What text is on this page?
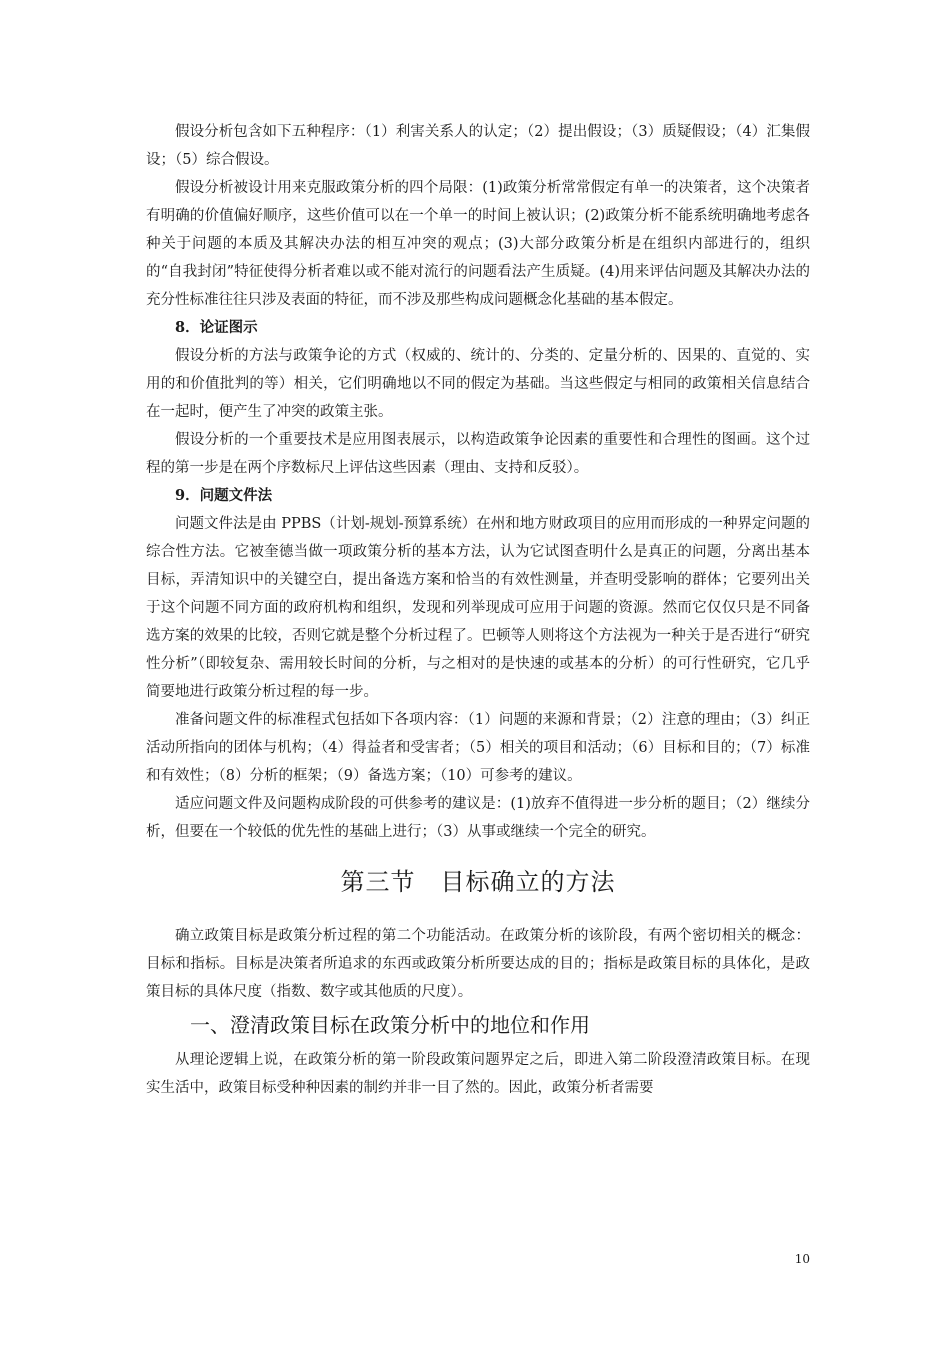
假设分析包含如下五种程序：（1）利害关系人的认定；（2）提出假设；（3）质疑假设；（4）汇集假设；（5）综合假设。

假设分析被设计用来克服政策分析的四个局限：(1)政策分析常常假定有单一的决策者，这个决策者有明确的价值偏好顺序，这些价值可以在一个单一的时间上被认识；(2)政策分析不能系统明确地考虑各种关于问题的本质及其解决办法的相互冲突的观点；(3)大部分政策分析是在组织内部进行的，组织的“自我封闭”特征使得分析者难以或不能对流行的问题看法产生质疑。(4)用来评估问题及其解决办法的充分性标准往往只涉及表面的特征，而不涉及那些构成问题概念化基础的基本假定。

8．论证图示

假设分析的方法与政策争论的方式（权威的、统计的、分类的、定量分析的、因果的、直觉的、实用的和价值批判的等）相关，它们明确地以不同的假定为基础。当这些假定与相同的政策相关信息结合在一起时，便产生了冲突的政策主张。

假设分析的一个重要技术是应用图表展示，以构造政策争论因素的重要性和合理性的图画。这个过程的第一步是在两个序数标尺上评估这些因素（理由、支持和反驳）。

9．问题文件法

问题文件法是由 PPBS（计划-规划-预算系统）在州和地方财政项目的应用而形成的一种界定问题的综合性方法。它被奎德当做一项政策分析的基本方法，认为它试图查明什么是真正的问题，分离出基本目标，弄清知识中的关键空白，提出备选方案和恰当的有效性测量，并查明受影响的群体；它要列出关于这个问题不同方面的政府机构和组织，发现和列举现成可应用于问题的资源。然而它仅仅只是不同备选方案的效果的比较，否则它就是整个分析过程了。巴顿等人则将这个方法视为一种关于是否进行“研究性分析”（即较复杂、需用较长时间的分析，与之相对的是快速的或基本的分析）的可行性研究，它几乎简要地进行政策分析过程的每一步。

准备问题文件的标准程式包括如下各项内容：（1）问题的来源和背景；（2）注意的理由；（3）纠正活动所指向的团体与机构；（4）得益者和受害者；（5）相关的项目和活动；（6）目标和目的；（7）标准和有效性；（8）分析的框架；（9）备选方案；（10）可参考的建议。

适应问题文件及问题构成阶段的可供参考的建议是：(1)放弃不值得进一步分析的题目；（2）继续分析，但要在一个较低的优先性的基础上进行；（3）从事或继续一个完全的研究。

第三节　目标确立的方法

确立政策目标是政策分析过程的第二个功能活动。在政策分析的该阶段，有两个密切相关的概念：目标和指标。目标是决策者所追求的东西或政策分析所要达成的目的；指标是政策目标的具体化，是政策目标的具体尺度（指数、数字或其他质的尺度）。

一、澄清政策目标在政策分析中的地位和作用

从理论逻辑上说，在政策分析的第一阶段政策问题界定之后，即进入第二阶段澄清政策目标。在现实生活中，政策目标受种种因素的制约并非一目了然的。因此，政策分析者需要

10
